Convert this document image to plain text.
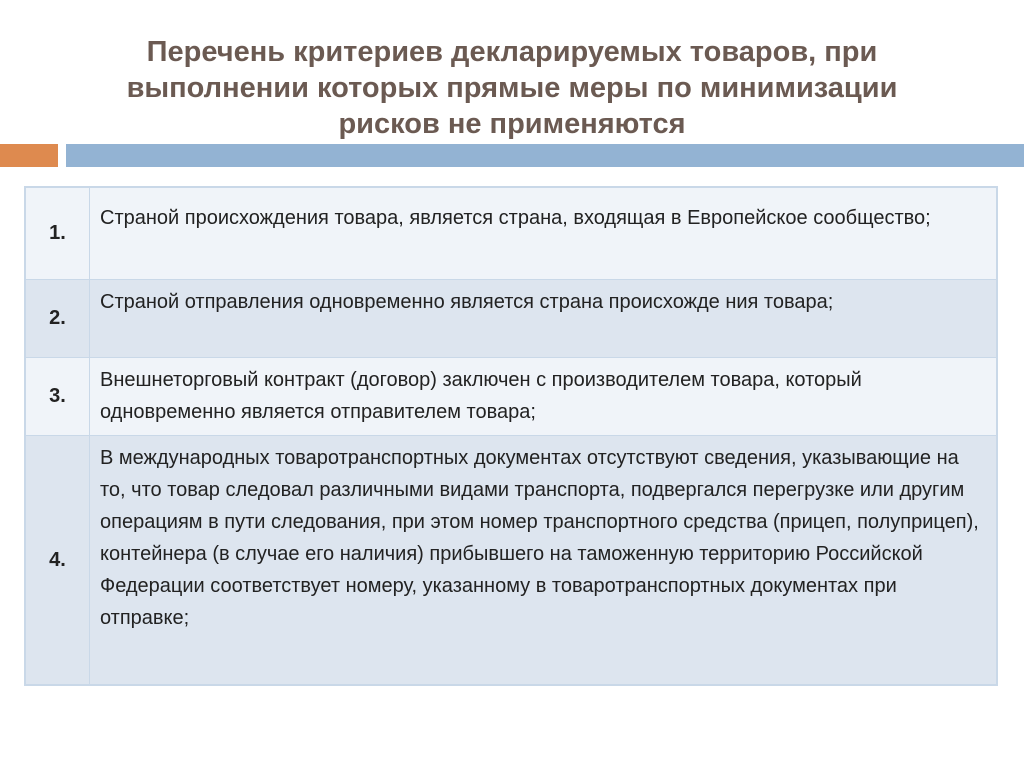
Перечень критериев декларируемых товаров, при выполнении которых прямые меры по минимизации рисков не применяются
1.	Страной происхождения товара, является страна, входящая в Европейское сообщество;
2.	Страной отправления одновременно является страна происхожде ния товара;
3.	Внешнеторговый контракт (договор) заключен с производителем товара, который одновременно является отправителем товара;
4.	В международных товаротранспортных документах отсутствуют сведения, указывающие на то, что товар следовал различными видами транспорта, подвергался перегрузке или другим операциям в пути следования, при этом номер транспортного средства (прицеп, полуприцеп), контейнера (в случае его наличия) прибывшего на таможенную территорию Российской Федерации соответствует номеру, указанному в товаротранспортных документах при отправке;
